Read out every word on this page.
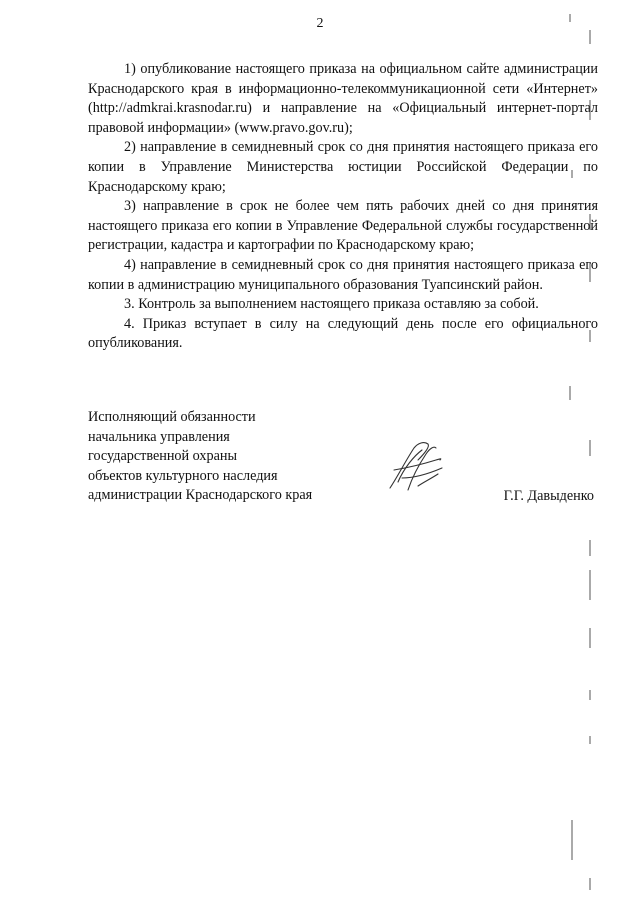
2

1) опубликование настоящего приказа на официальном сайте администрации Краснодарского края в информационно-телекоммуникационной сети «Интернет» (http://admkrai.krasnodar.ru) и направление на «Официальный интернет-портал правовой информации» (www.pravo.gov.ru);

2) направление в семидневный срок со дня принятия настоящего приказа его копии в Управление Министерства юстиции Российской Федерации по Краснодарскому краю;

3) направление в срок не более чем пять рабочих дней со дня принятия настоящего приказа его копии в Управление Федеральной службы государственной регистрации, кадастра и картографии по Краснодарскому краю;

4) направление в семидневный срок со дня принятия настоящего приказа его копии в администрацию муниципального образования Туапсинский район.

3. Контроль за выполнением настоящего приказа оставляю за собой.

4. Приказ вступает в силу на следующий день после его официального опубликования.

Исполняющий обязанности
начальника управления
государственной охраны
объектов культурного наследия
администрации Краснодарского края	Г.Г. Давыденко
